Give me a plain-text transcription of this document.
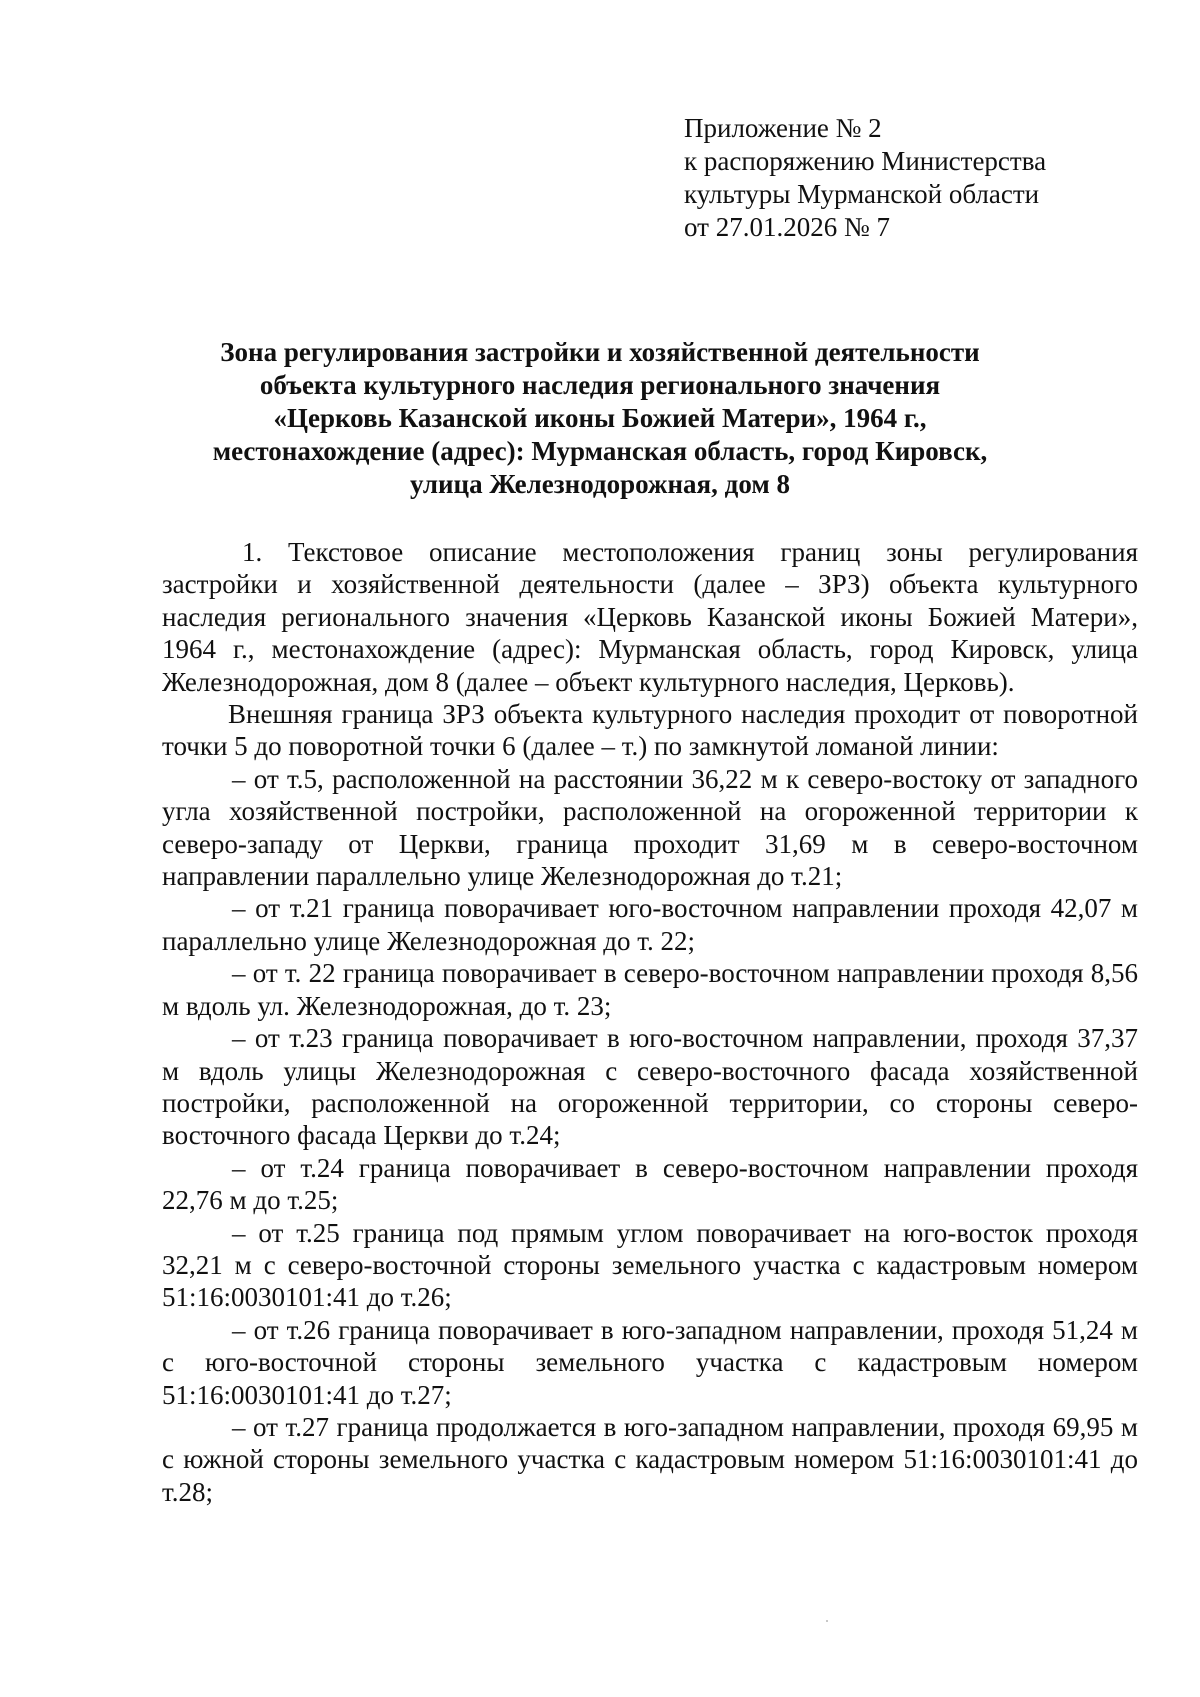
Приложение № 2
к распоряжению Министерства
культуры Мурманской области
от 27.01.2026 № 7
Зона регулирования застройки и хозяйственной деятельности
объекта культурного наследия регионального значения
«Церковь Казанской иконы Божией Матери», 1964 г.,
местонахождение (адрес): Мурманская область, город Кировск,
улица Железнодорожная, дом 8

1. Текстовое описание местоположения границ зоны регулирования застройки и хозяйственной деятельности (далее – ЗРЗ) объекта культурного наследия регионального значения «Церковь Казанской иконы Божией Матери», 1964 г., местонахождение (адрес): Мурманская область, город Кировск, улица Железнодорожная, дом 8 (далее – объект культурного наследия, Церковь).

Внешняя граница ЗРЗ объекта культурного наследия проходит от поворотной точки 5 до поворотной точки 6 (далее – т.) по замкнутой ломаной линии:

– от т.5, расположенной на расстоянии 36,22 м к северо-востоку от западного угла хозяйственной постройки, расположенной на огороженной территории к северо-западу от Церкви, граница проходит 31,69 м в северо-восточном направлении параллельно улице Железнодорожная до т.21;

– от т.21 граница поворачивает юго-восточном направлении проходя 42,07 м параллельно улице Железнодорожная до т. 22;

– от т. 22 граница поворачивает в северо-восточном направлении проходя 8,56 м вдоль ул. Железнодорожная, до т. 23;

– от т.23 граница поворачивает в юго-восточном направлении, проходя 37,37 м вдоль улицы Железнодорожная с северо-восточного фасада хозяйственной постройки, расположенной на огороженной территории, со стороны северо-восточного фасада Церкви до т.24;

– от т.24 граница поворачивает в северо-восточном направлении проходя 22,76 м до т.25;

– от т.25 граница под прямым углом поворачивает на юго-восток проходя 32,21 м с северо-восточной стороны земельного участка с кадастровым номером 51:16:0030101:41 до т.26;

– от т.26 граница поворачивает в юго-западном направлении, проходя 51,24 м с юго-восточной стороны земельного участка с кадастровым номером 51:16:0030101:41 до т.27;

– от т.27 граница продолжается в юго-западном направлении, проходя 69,95 м с южной стороны земельного участка с кадастровым номером 51:16:0030101:41 до т.28;
